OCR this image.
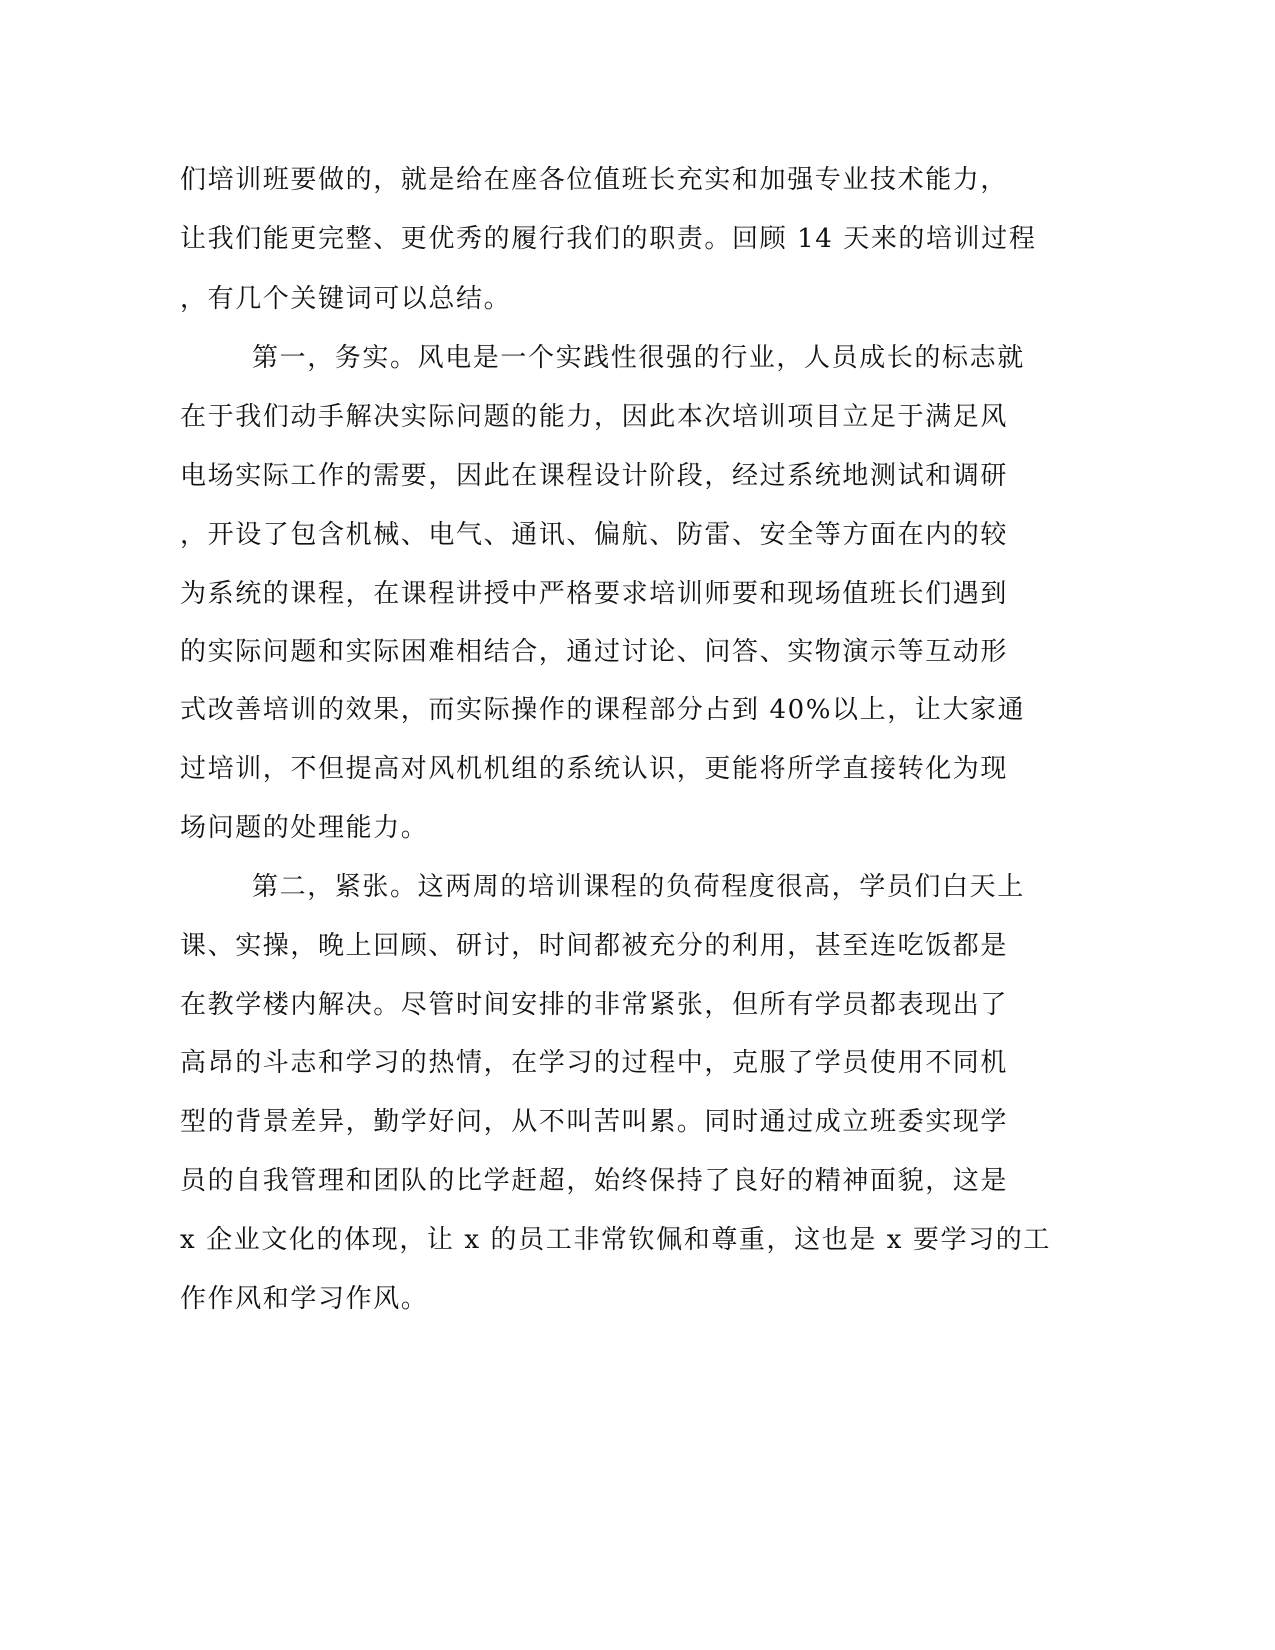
们培训班要做的，就是给在座各位值班长充实和加强专业技术能力，
让我们能更完整、更优秀的履行我们的职责。回顾 14 天来的培训过程
，有几个关键词可以总结。
第一，务实。风电是一个实践性很强的行业，人员成长的标志就
在于我们动手解决实际问题的能力，因此本次培训项目立足于满足风
电场实际工作的需要，因此在课程设计阶段，经过系统地测试和调研
，开设了包含机械、电气、通讯、偏航、防雷、安全等方面在内的较
为系统的课程，在课程讲授中严格要求培训师要和现场值班长们遇到
的实际问题和实际困难相结合，通过讨论、问答、实物演示等互动形
式改善培训的效果，而实际操作的课程部分占到 40%以上，让大家通
过培训，不但提高对风机机组的系统认识，更能将所学直接转化为现
场问题的处理能力。
第二，紧张。这两周的培训课程的负荷程度很高，学员们白天上
课、实操，晚上回顾、研讨，时间都被充分的利用，甚至连吃饭都是
在教学楼内解决。尽管时间安排的非常紧张，但所有学员都表现出了
高昂的斗志和学习的热情，在学习的过程中，克服了学员使用不同机
型的背景差异，勤学好问，从不叫苦叫累。同时通过成立班委实现学
员的自我管理和团队的比学赶超，始终保持了良好的精神面貌，这是
x 企业文化的体现，让 x 的员工非常钦佩和尊重，这也是 x 要学习的工
作作风和学习作风。
